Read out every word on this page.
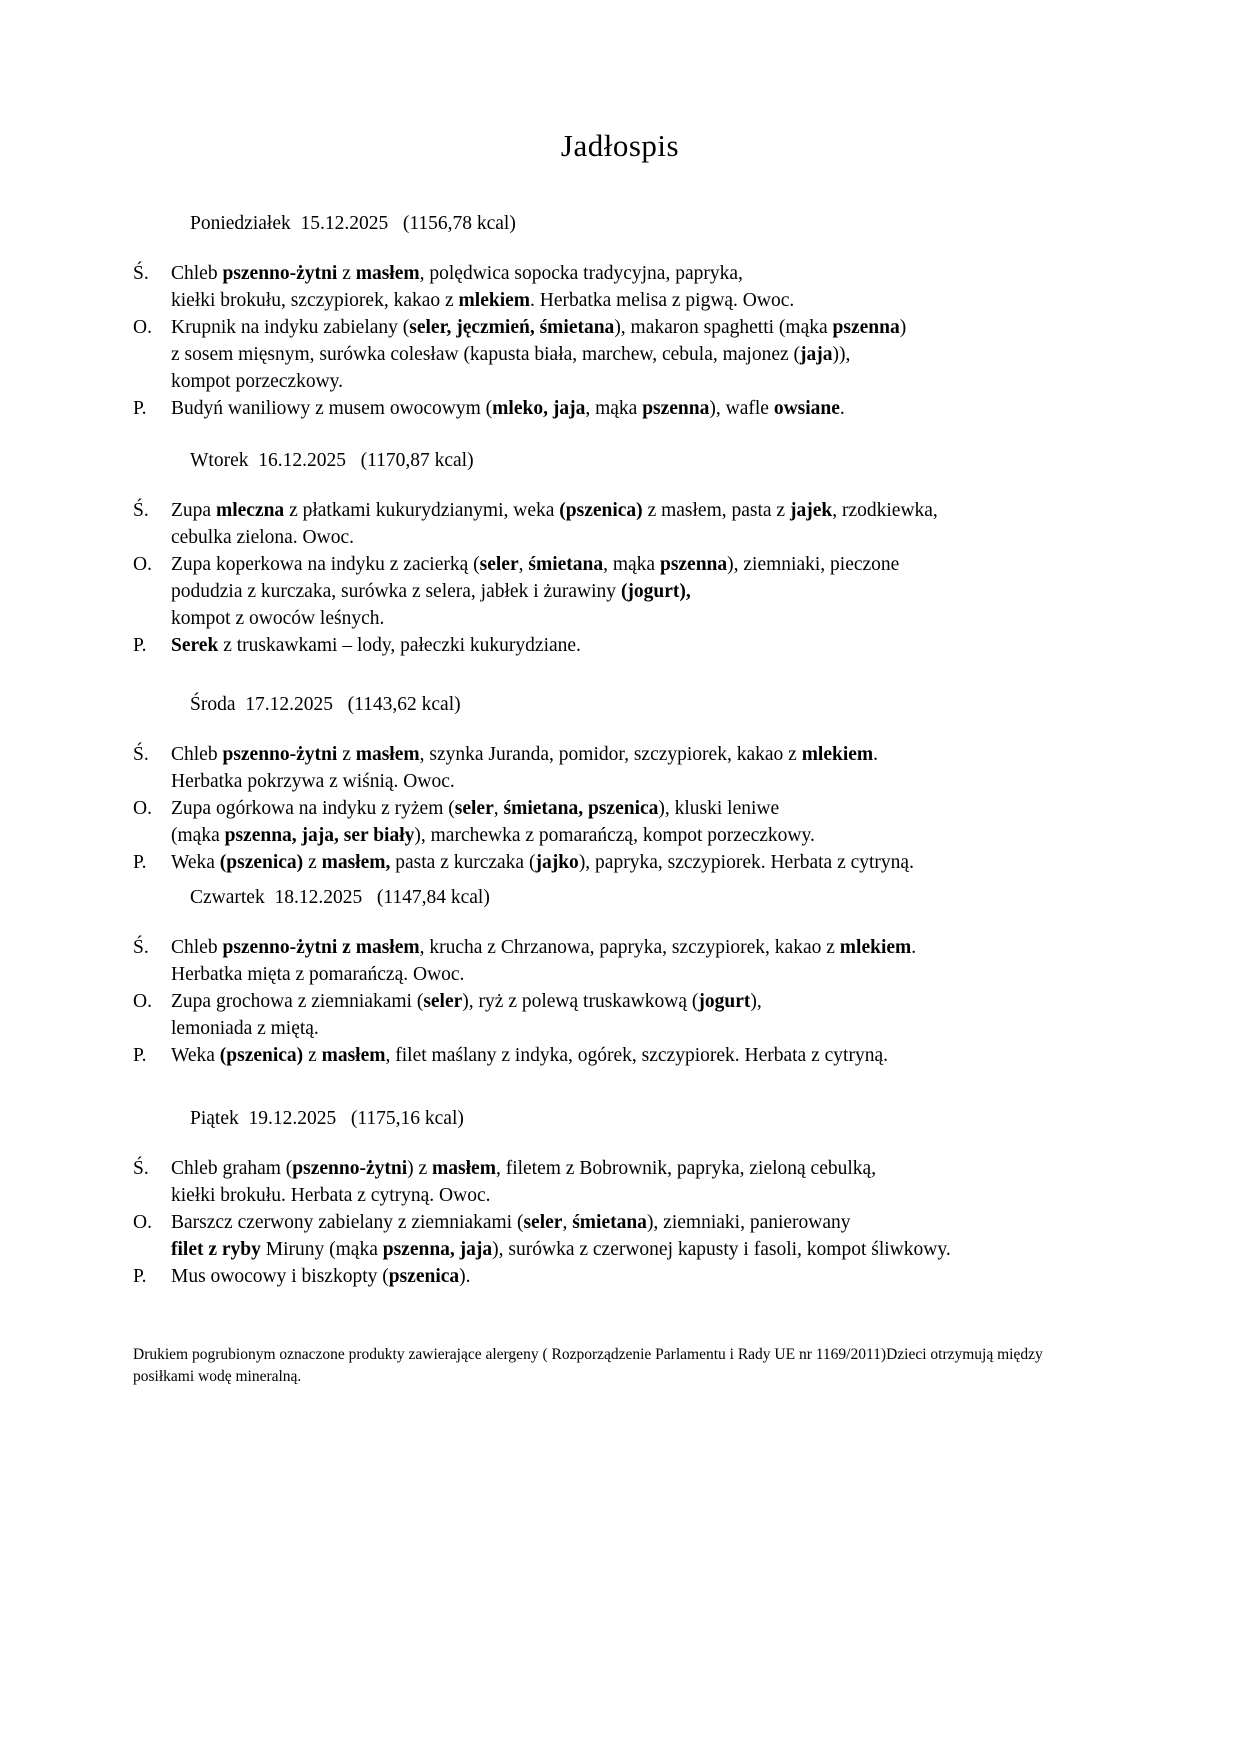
Jadłospis
Poniedziałek  15.12.2025   (1156,78 kcal)
Ś.	Chleb pszenno-żytni z masłem, polędwica sopocka tradycyjna, papryka,
kiełki brokułu, szczypiorek, kakao z mlekiem. Herbatka melisa z pigwą. Owoc.
O. Krupnik na indyku zabielany (seler, jęczmień, śmietana), makaron spaghetti (mąka pszenna)
z sosem mięsnym, surówka colesław (kapusta biała, marchew, cebula, majonez (jaja)),
kompot porzeczkowy.
P.	Budyń waniliowy z musem owocowym (mleko, jaja, mąka pszenna), wafle owsiane.
Wtorek  16.12.2025   (1170,87 kcal)
Ś.	Zupa mleczna z płatkami kukurydzianymi, weka (pszenica) z masłem, pasta z jajek, rzodkiewka,
cebulka zielona. Owoc.
O. Zupa koperkowa na indyku z zacierką (seler, śmietana, mąka pszenna), ziemniaki, pieczone
podudzia z kurczaka, surówka z selera, jabłek i żurawiny (jogurt),
kompot z owoców leśnych.
P.	Serek z truskawkami – lody, pałeczki kukurydziane.
Środa  17.12.2025   (1143,62 kcal)
Ś.	Chleb pszenno-żytni z masłem, szynka Juranda, pomidor, szczypiorek, kakao z mlekiem.
Herbatka pokrzywa z wiśnią. Owoc.
O. Zupa ogórkowa na indyku z ryżem (seler, śmietana, pszenica), kluski leniwe
(mąka pszenna, jaja, ser biały), marchewka z pomarańczą, kompot porzeczkowy.
P.	Weka (pszenica) z masłem, pasta z kurczaka (jajko), papryka, szczypiorek. Herbata z cytryną.
Czwartek  18.12.2025   (1147,84 kcal)
Ś.	Chleb pszenno-żytni z masłem, krucha z Chrzanowa, papryka, szczypiorek, kakao z mlekiem.
Herbatka mięta z pomarańczą. Owoc.
O. Zupa grochowa z ziemniakami (seler), ryż z polewą truskawkową (jogurt),
lemoniada z miętą.
P.	Weka (pszenica) z masłem, filet maślany z indyka, ogórek, szczypiorek. Herbata z cytryną.
Piątek  19.12.2025   (1175,16 kcal)
Ś.	Chleb graham (pszenno-żytni) z masłem, filetem z Bobrownik, papryka, zieloną cebulką,
kiełki brokułu. Herbata z cytryną. Owoc.
O. Barszcz czerwony zabielany z ziemniakami (seler, śmietana), ziemniaki, panierowany
filet z ryby Miruny (mąka pszenna, jaja), surówka z czerwonej kapusty i fasoli, kompot śliwkowy.
P.	Mus owocowy i biszkopty (pszenica).

Drukiem pogrubionym oznaczone produkty zawierające alergeny ( Rozporządzenie Parlamentu i Rady UE nr 1169/2011)Dzieci otrzymują między posiłkami wodę mineralną.
